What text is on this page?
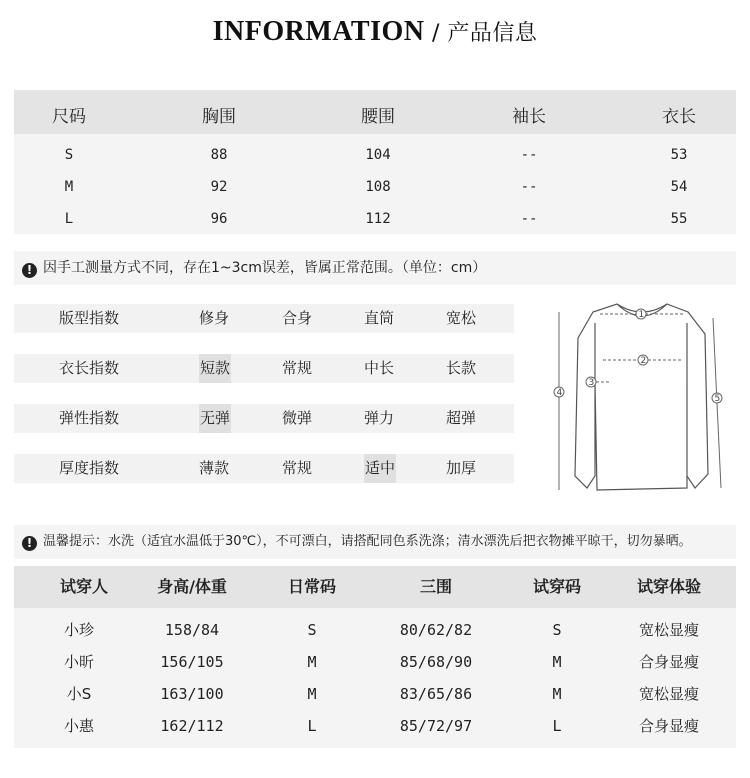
INFORMATION / 产品信息
尺码	胸围	腰围	袖长	衣长
S	88	104	--	53
M	92	108	--	54
L	96	112	--	55
! 因手工测量方式不同，存在1~3cm误差，皆属正常范围。（单位：cm）
版型指数	修身	合身	直筒	宽松
衣长指数	短款	常规	中长	长款
弹性指数	无弹	微弹	弹力	超弹
厚度指数	薄款	常规	适中	加厚
1
2
3
4
5
! 温馨提示：水洗（适宜水温低于30℃），不可漂白，请搭配同色系洗涤；清水漂洗后把衣物摊平晾干，切勿暴晒。
试穿人	身高/体重	日常码	三围	试穿码	试穿体验
小珍	158/84	S	80/62/82	S	宽松显瘦
小昕	156/105	M	85/68/90	M	合身显瘦
小S	163/100	M	83/65/86	M	宽松显瘦
小惠	162/112	L	85/72/97	L	合身显瘦
